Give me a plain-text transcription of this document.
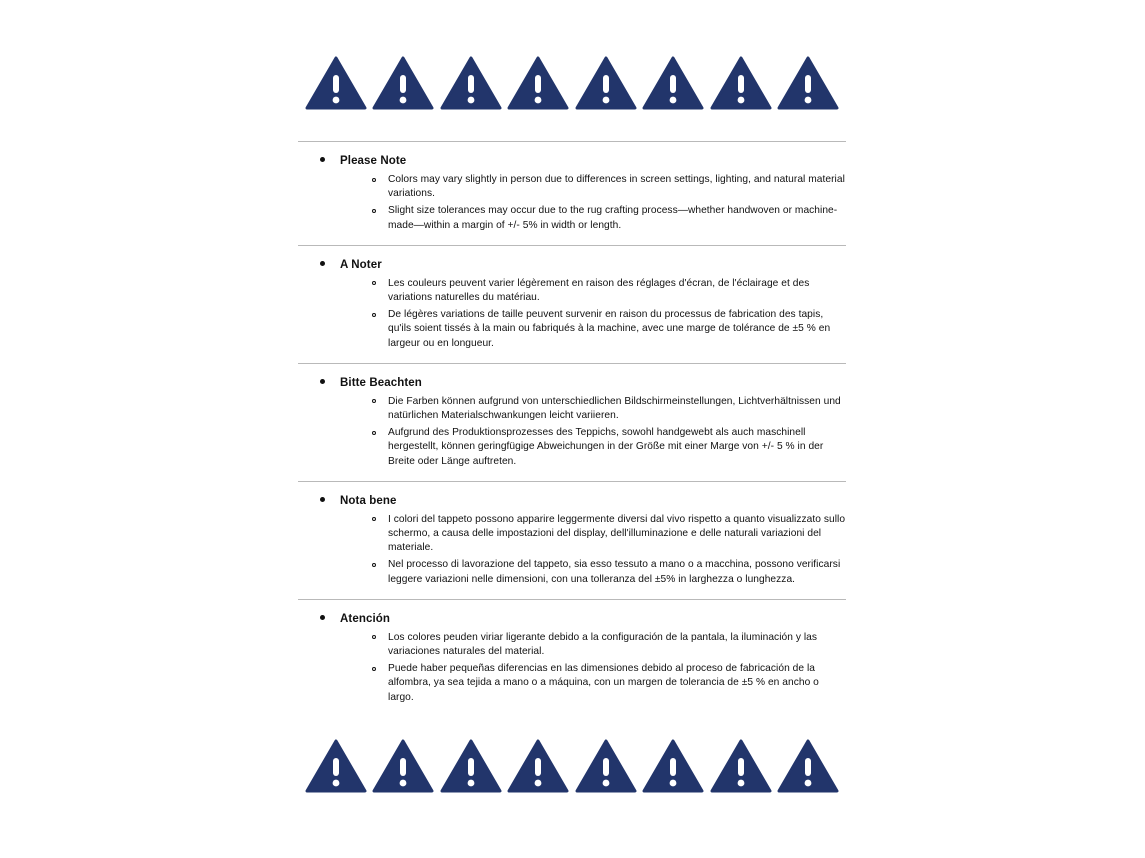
Please Note
Colors may vary slightly in person due to differences in screen settings, lighting, and natural material variations.
Slight size tolerances may occur due to the rug crafting process—whether handwoven or machine-made—within a margin of +/- 5% in width or length.
A Noter
Les couleurs peuvent varier légèrement en raison des réglages d'écran, de l'éclairage et des variations naturelles du matériau.
De légères variations de taille peuvent survenir en raison du processus de fabrication des tapis, qu'ils soient tissés à la main ou fabriqués à la machine, avec une marge de tolérance de ±5 % en largeur ou en longueur.
Bitte Beachten
Die Farben können aufgrund von unterschiedlichen Bildschirmeinstellungen, Lichtverhältnissen und natürlichen Materialschwankungen leicht variieren.
Aufgrund des Produktionsprozesses des Teppichs, sowohl handgewebt als auch maschinell hergestellt, können geringfügige Abweichungen in der Größe mit einer Marge von +/- 5 % in der Breite oder Länge auftreten.
Nota bene
I colori del tappeto possono apparire leggermente diversi dal vivo rispetto a quanto visualizzato sullo schermo, a causa delle impostazioni del display, dell'illuminazione e delle naturali variazioni del materiale.
Nel processo di lavorazione del tappeto, sia esso tessuto a mano o a macchina, possono verificarsi leggere variazioni nelle dimensioni, con una tolleranza del ±5% in larghezza o lunghezza.
Atención
Los colores peuden viriar ligerante debido a la configuración de la pantala, la iluminación y las variaciones naturales del material.
Puede haber pequeñas diferencias en las dimensiones debido al proceso de fabricación de la alfombra, ya sea tejida a mano o a máquina, con un margen de tolerancia de ±5 % en ancho o largo.
